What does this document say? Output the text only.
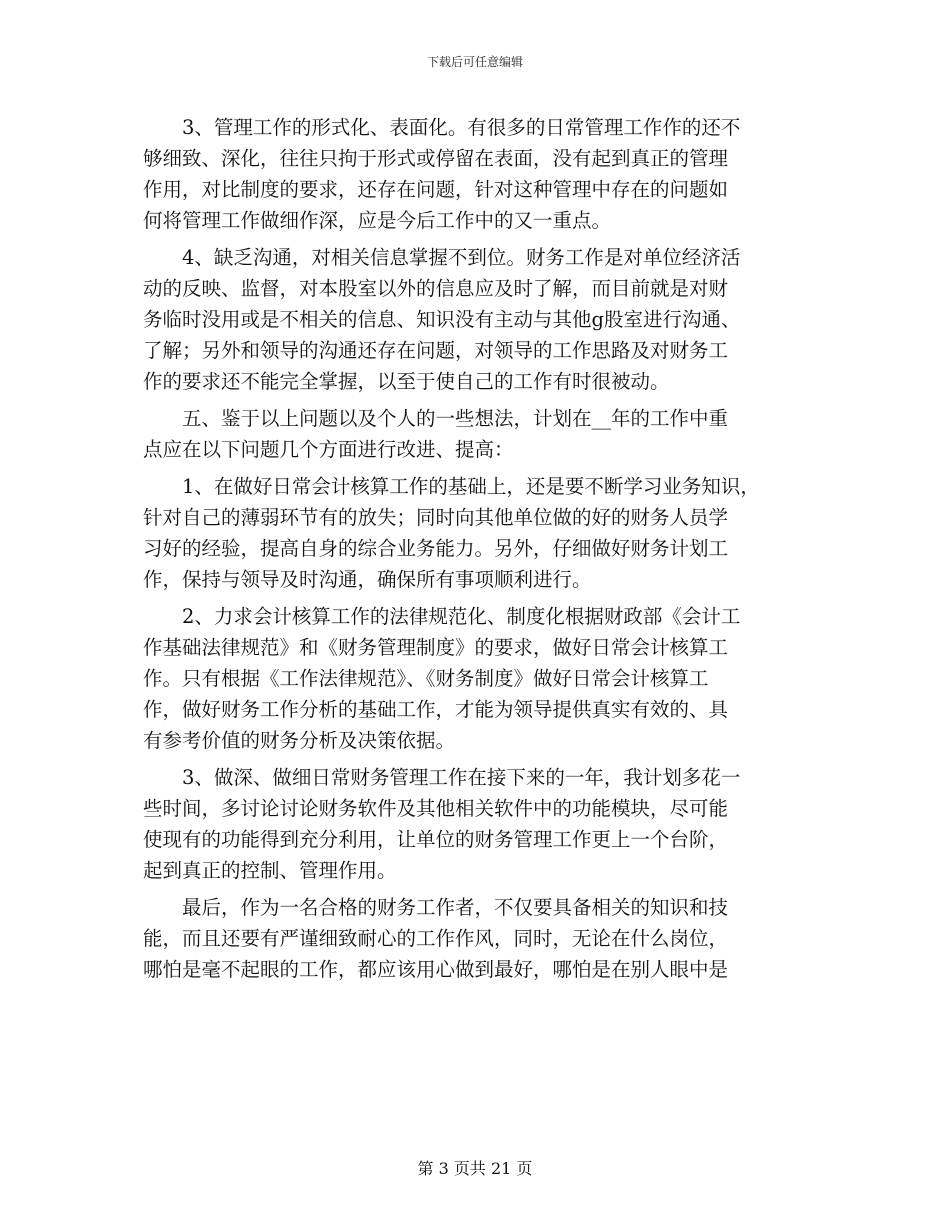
下载后可任意编辑
　　3、管理工作的形式化、表面化。有很多的日常管理工作作的还不
够细致、深化，往往只拘于形式或停留在表面，没有起到真正的管理
作用，对比制度的要求，还存在问题，针对这种管理中存在的问题如
何将管理工作做细作深，应是今后工作中的又一重点。
　　4、缺乏沟通，对相关信息掌握不到位。财务工作是对单位经济活
动的反映、监督，对本股室以外的信息应及时了解，而目前就是对财
务临时没用或是不相关的信息、知识没有主动与其他g股室进行沟通、
了解；另外和领导的沟通还存在问题，对领导的工作思路及对财务工
作的要求还不能完全掌握，以至于使自己的工作有时很被动。
　　五、鉴于以上问题以及个人的一些想法，计划在__年的工作中重
点应在以下问题几个方面进行改进、提高：
　　1、在做好日常会计核算工作的基础上，还是要不断学习业务知识，
针对自己的薄弱环节有的放失；同时向其他单位做的好的财务人员学
习好的经验，提高自身的综合业务能力。另外，仔细做好财务计划工
作，保持与领导及时沟通，确保所有事项顺利进行。
　　2、力求会计核算工作的法律规范化、制度化根据财政部《会计工
作基础法律规范》和《财务管理制度》的要求，做好日常会计核算工
作。只有根据《工作法律规范》、《财务制度》做好日常会计核算工
作，做好财务工作分析的基础工作，才能为领导提供真实有效的、具
有参考价值的财务分析及决策依据。
　　3、做深、做细日常财务管理工作在接下来的一年，我计划多花一
些时间，多讨论讨论财务软件及其他相关软件中的功能模块，尽可能
使现有的功能得到充分利用，让单位的财务管理工作更上一个台阶，
起到真正的控制、管理作用。
　　最后，作为一名合格的财务工作者，不仅要具备相关的知识和技
能，而且还要有严谨细致耐心的工作作风，同时，无论在什么岗位，
哪怕是毫不起眼的工作，都应该用心做到最好，哪怕是在别人眼中是
第 3 页共 21 页
